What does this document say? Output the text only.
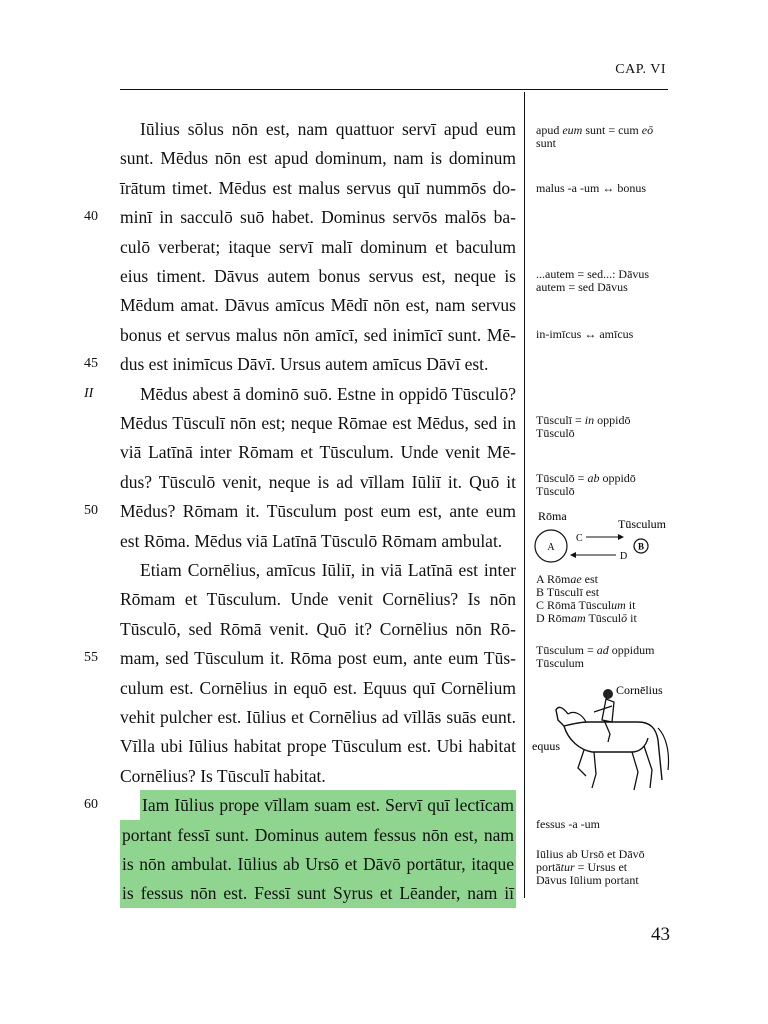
CAP. VI
Iūlius sōlus nōn est, nam quattuor servī apud eum
sunt. Mēdus nōn est apud dominum, nam is dominum
īrātum timet. Mēdus est malus servus quī nummōs do-
minī in sacculō suō habet. Dominus servōs malōs ba-
culō verberat; itaque servī malī dominum et baculum
eius timent. Dāvus autem bonus servus est, neque is
Mēdum amat. Dāvus amīcus Mēdī nōn est, nam servus
bonus et servus malus nōn amīcī, sed inimīcī sunt. Mē-
dus est inimīcus Dāvī. Ursus autem amīcus Dāvī est.
Mēdus abest ā dominō suō. Estne in oppidō Tūsculō?
Mēdus Tūsculī nōn est; neque Rōmae est Mēdus, sed in
viā Latīnā inter Rōmam et Tūsculum. Unde venit Mē-
dus? Tūsculō venit, neque is ad vīllam Iūliī it. Quō it
Mēdus? Rōmam it. Tūsculum post eum est, ante eum
est Rōma. Mēdus viā Latīnā Tūsculō Rōmam ambulat.
Etiam Cornēlius, amīcus Iūliī, in viā Latīnā est inter
Rōmam et Tūsculum. Unde venit Cornēlius? Is nōn
Tūsculō, sed Rōmā venit. Quō it? Cornēlius nōn Rō-
mam, sed Tūsculum it. Rōma post eum, ante eum Tūs-
culum est. Cornēlius in equō est. Equus quī Cornēlium
vehit pulcher est. Iūlius et Cornēlius ad vīllās suās eunt.
Vīlla ubi Iūlius habitat prope Tūsculum est. Ubi habitat
Cornēlius? Is Tūsculī habitat.
Iam Iūlius prope vīllam suam est. Servī quī lectīcam
portant fessī sunt. Dominus autem fessus nōn est, nam
is nōn ambulat. Iūlius ab Ursō et Dāvō portātur, itaque
is fessus nōn est. Fessī sunt Syrus et Lēander, nam iī
40
45
II
50
55
60
apud eum sunt = cum eō
sunt
malus -a -um ↔ bonus
...autem = sed...: Dāvus
autem = sed Dāvus
in-imīcus ↔ amīcus
Tūsculī = in oppidō
Tūsculō
Tūsculō = ab oppidō
Tūsculō
Rōma
Tūsculum
A
C
D
B
A Rōmae est
B Tūsculī est
C Rōmā Tūsculum it
D Rōmam Tūsculō it
Tūsculum = ad oppidum
Tūsculum
Cornēlius
equus
fessus -a -um
Iūlius ab Ursō et Dāvō
portātur = Ursus et
Dāvus Iūlium portant
43
